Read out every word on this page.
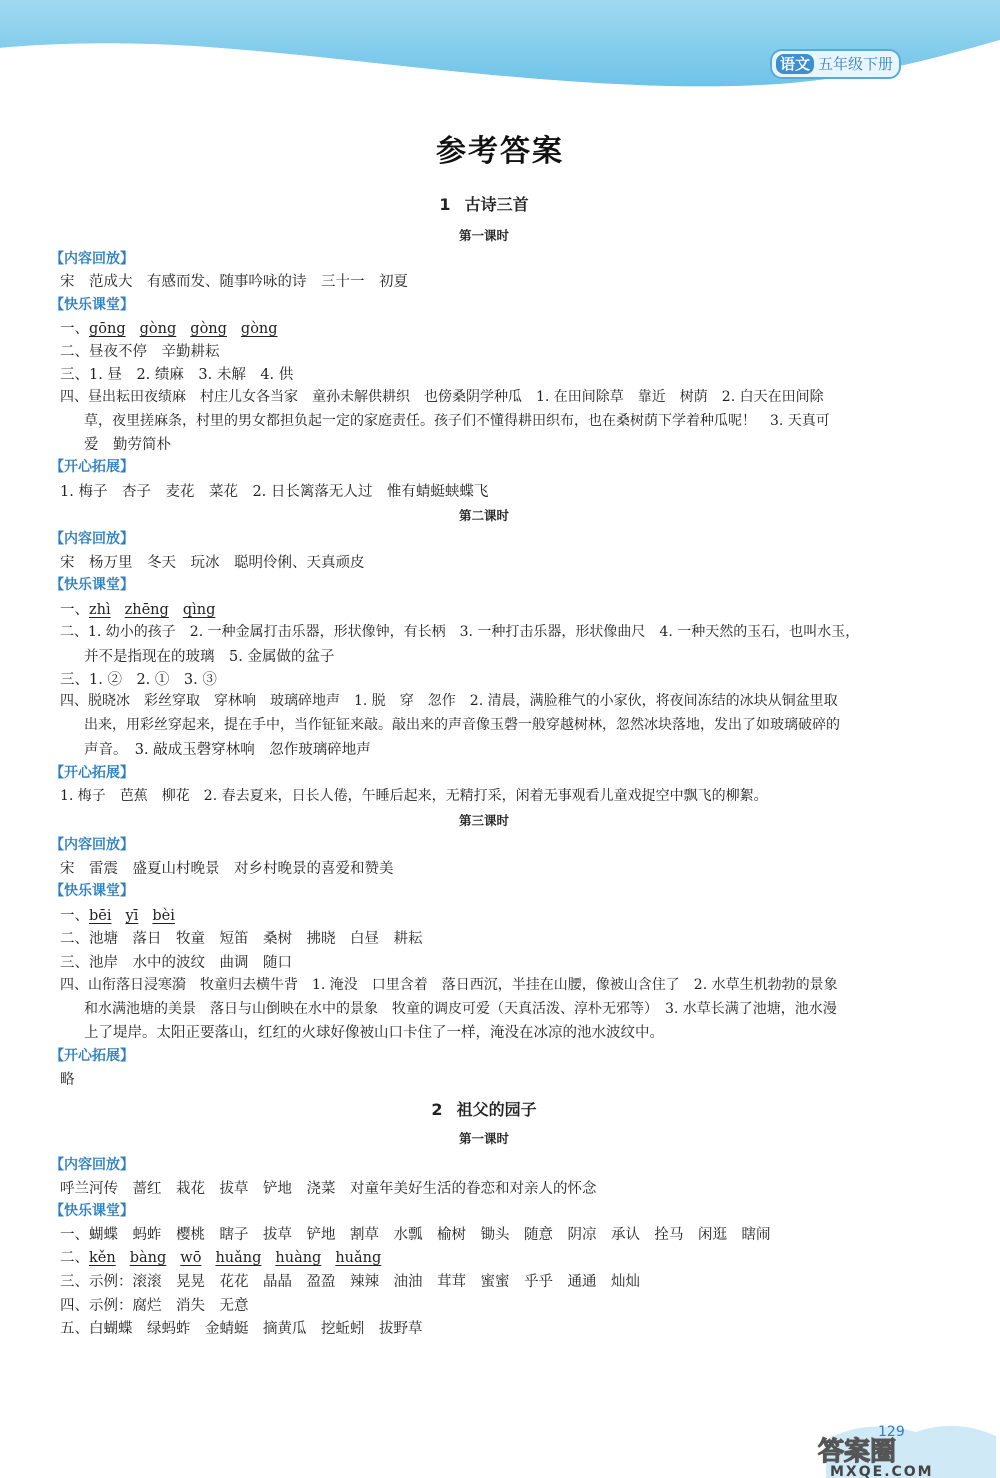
语文 五年级下册
参考答案
1 古诗三首
第一课时
【内容回放】
宋　范成大　有感而发、随事吟咏的诗　三十一　初夏
【快乐课堂】
一、gōng gòng gòng gòng
二、昼夜不停　辛勤耕耘
三、1. 昼　2. 绩麻　3. 未解　4. 供
四、昼出耘田夜绩麻　村庄儿女各当家　童孙未解供耕织　也傍桑阴学种瓜　1. 在田间除草　靠近　树荫　2. 白天在田间除
草，夜里搓麻条，村里的男女都担负起一定的家庭责任。孩子们不懂得耕田织布，也在桑树荫下学着种瓜呢！　3. 天真可
爱　勤劳简朴
【开心拓展】
1. 梅子　杏子　麦花　菜花　2. 日长篱落无人过　惟有蜻蜓蛱蝶飞
第二课时
【内容回放】
宋　杨万里　冬天　玩冰　聪明伶俐、天真顽皮
【快乐课堂】
一、zhì zhēng qìng
二、1. 幼小的孩子　2. 一种金属打击乐器，形状像钟，有长柄　3. 一种打击乐器，形状像曲尺　4. 一种天然的玉石，也叫水玉，
并不是指现在的玻璃　5. 金属做的盆子
三、1. ②　2. ①　3. ③
四、脱晓冰　彩丝穿取　穿林响　玻璃碎地声　1. 脱　穿　忽作　2. 清晨，满脸稚气的小家伙，将夜间冻结的冰块从铜盆里取
出来，用彩丝穿起来，提在手中，当作钲钲来敲。敲出来的声音像玉磬一般穿越树林，忽然冰块落地，发出了如玻璃破碎的
声音。　3. 敲成玉磬穿林响　忽作玻璃碎地声
【开心拓展】
1. 梅子　芭蕉　柳花　2. 春去夏来，日长人倦，午睡后起来，无精打采，闲着无事观看儿童戏捉空中飘飞的柳絮。
第三课时
【内容回放】
宋　雷震　盛夏山村晚景　对乡村晚景的喜爱和赞美
【快乐课堂】
一、bēi yī bèi
二、池塘　落日　牧童　短笛　桑树　拂晓　白昼　耕耘
三、池岸　水中的波纹　曲调　随口
四、山衔落日浸寒漪　牧童归去横牛背　1. 淹没　口里含着　落日西沉，半挂在山腰，像被山含住了　2. 水草生机勃勃的景象
和水满池塘的美景　落日与山倒映在水中的景象　牧童的调皮可爱（天真活泼、淳朴无邪等）　3. 水草长满了池塘，池水漫
上了堤岸。太阳正要落山，红红的火球好像被山口卡住了一样，淹没在冰凉的池水波纹中。
【开心拓展】
略
2 祖父的园子
第一课时
【内容回放】
呼兰河传　蔷红　栽花　拔草　铲地　浇菜　对童年美好生活的眷恋和对亲人的怀念
【快乐课堂】
一、蝴蝶　蚂蚱　樱桃　瞎子　拔草　铲地　割草　水瓢　榆树　锄头　随意　阴凉　承认　拴马　闲逛　瞎闹
二、kěn bàng wō huǎng huàng huǎng
三、示例：滚滚　晃晃　花花　晶晶　盈盈　辣辣　油油　茸茸　蜜蜜　乎乎　通通　灿灿
四、示例：腐烂　消失　无意
五、白蝴蝶　绿蚂蚱　金蜻蜓　摘黄瓜　挖蚯蚓　拔野草
129
答案圈
MXQE.COM
